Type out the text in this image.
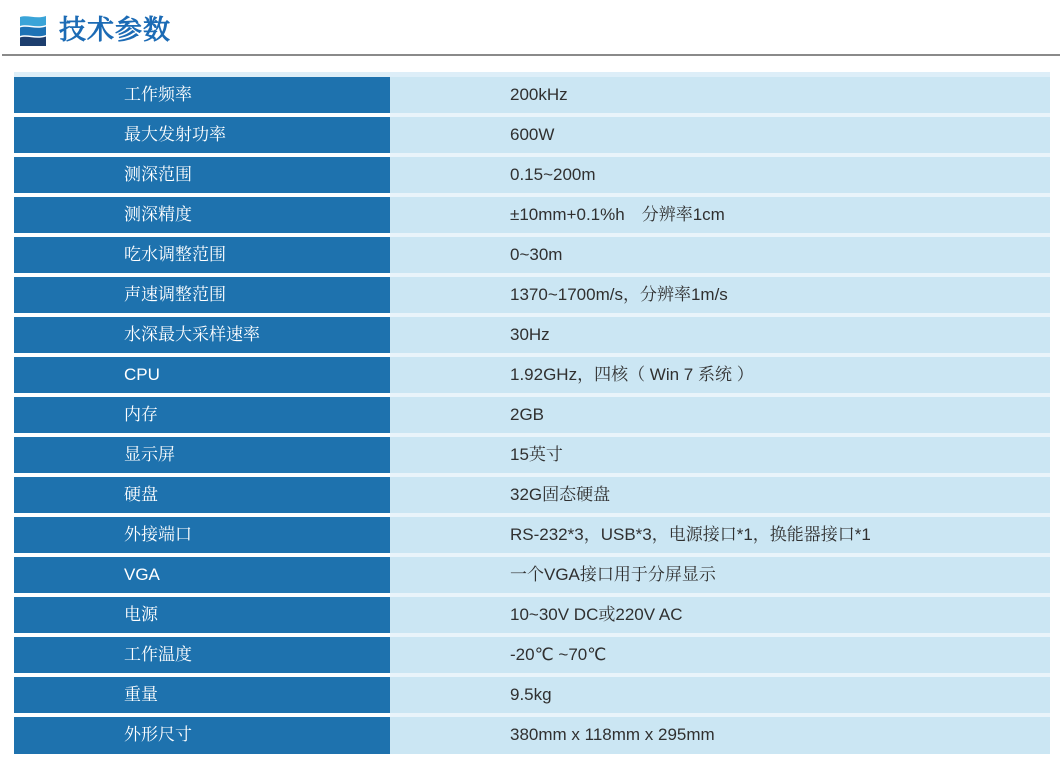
技术参数
工作频率	200kHz
最大发射功率	600W
测深范围	0.15~200m
测深精度	±10mm+0.1%h　分辨率1cm
吃水调整范围	0~30m
声速调整范围	1370~1700m/s，分辨率1m/s
水深最大采样速率	30Hz
CPU	1.92GHz，四核（ Win 7 系统 ）
内存	2GB
显示屏	15英寸
硬盘	32G固态硬盘
外接端口	RS-232*3，USB*3，电源接口*1，换能器接口*1
VGA	一个VGA接口用于分屏显示
电源	10~30V DC或220V AC
工作温度	-20℃ ~70℃
重量	9.5kg
外形尺寸	380mm x 118mm x 295mm
